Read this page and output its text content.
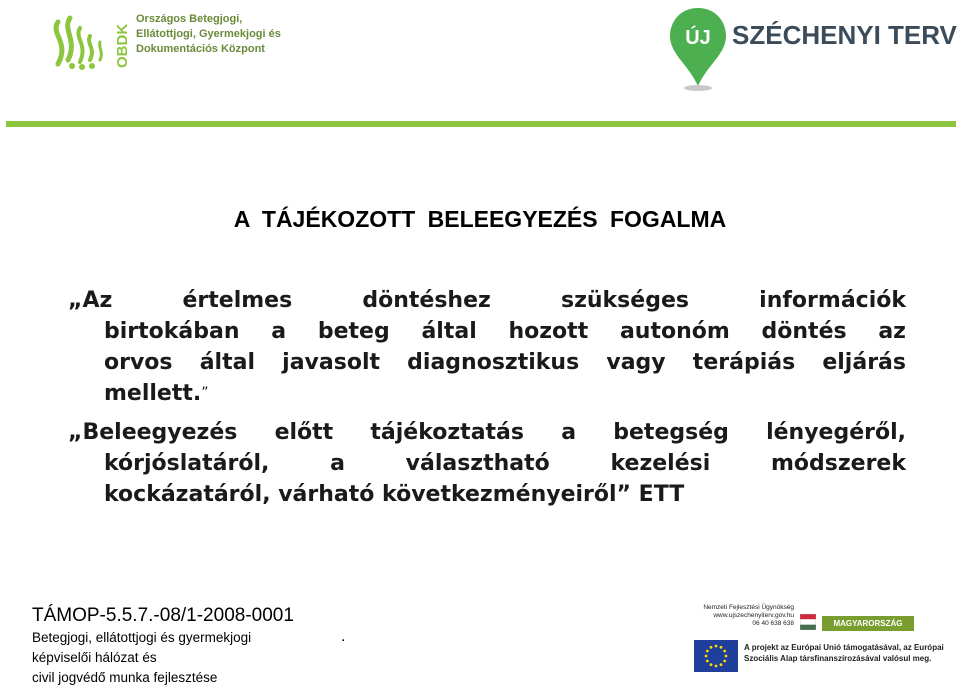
OBDK
Országos Betegjogi,
Ellátottjogi, Gyermekjogi és
Dokumentációs Központ	ÚJ SZÉCHENYI TERV
A TÁJÉKOZOTT BELEEGYEZÉS FOGALMA
„Az értelmes döntéshez szükséges információk
birtokában a beteg által hozott autonóm döntés az
orvos által javasolt diagnosztikus vagy terápiás eljárás
mellett.”
„Beleegyezés előtt tájékoztatás a betegség lényegéről,
kórjóslatáról, a választható kezelési módszerek
kockázatáról, várható következményeiről” ETT
TÁMOP-5.5.7.-08/1-2008-0001
Betegjogi, ellátottjogi és gyermekjogi
képviselői hálózat és
civil jogvédő munka fejlesztése
.
Nemzeti Fejlesztési Ügynökség
www.ujszechenyiterv.gov.hu
06 40 638 638	MAGYARORSZÁG MEGÚJUL
A projekt az Európai Unió támogatásával, az Európai
Szociális Alap társfinanszírozásával valósul meg.
